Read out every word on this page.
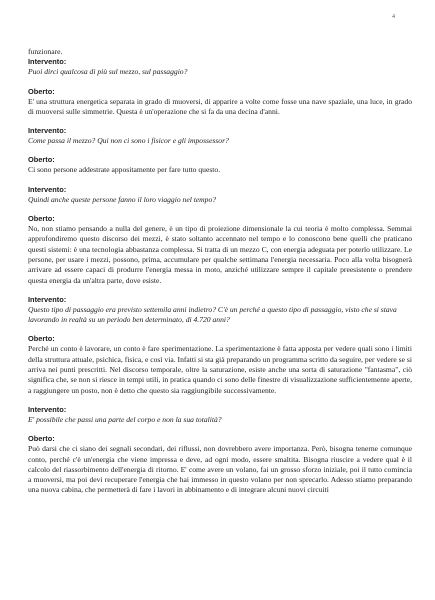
4

funzionare.

Intervento:

Puoi dirci qualcosa di più sul mezzo, sul passaggio?

Oberto:

E' una struttura energetica separata in grado di muoversi, di apparire a volte come fosse una nave spaziale, una luce, in grado di muoversi sulle simmetrie. Questa è un'operazione che si fa da una decina d'anni.

Intervento:

Come passa il mezzo? Qui non ci sono i fisicor e gli impossessor?

Oberto:

Ci sono persone addestrate appositamente per fare tutto questo.

Intervento:

Quindi anche queste persone fanno il loro viaggio nel tempo?

Oberto:

No, non stiamo pensando a nulla del genere, è un tipo di proiezione dimensionale la cui teoria è molto complessa. Semmai approfondiremo questo discorso dei mezzi, è stato soltanto accennato nel tempo e lo conoscono bene quelli che praticano questi sistemi: è una tecnologia abbastanza complessa. Si tratta di un mezzo C, con energia adeguata per poterlo utilizzare. Le persone, per usare i mezzi, possono, prima, accumulare per qualche settimana l'energia necessaria. Poco alla volta bisognerà arrivare ad essere capaci di produrre l'energia messa in moto, anziché utilizzare sempre il capitale preesistente o prendere questa energia da un'altra parte, dove esiste.

Intervento:

Questo tipo di passaggio era previsto settemila anni indietro? C'è un perché a questo tipo di passaggio, visto che si stava lavorando in realtà su un periodo ben determinato, di 4.720 anni?

Oberto:

Perché un conto è lavorare, un conto è fare sperimentazione. La sperimentazione è fatta apposta per vedere quali sono i limiti della struttura attuale, psichica, fisica, e così via. Infatti si sta già preparando un programma scritto da seguire, per vedere se si arriva nei punti prescritti. Nel discorso temporale, oltre la saturazione, esiste anche una sorta di saturazione "fantasma", ciò significa che, se non si riesce in tempi utili, in pratica quando ci sono delle finestre di visualizzazione sufficientemente aperte, a raggiungere un posto, non è detto che questo sia raggiungibile successivamente.

Intervento:

E' possibile che passi una parte del corpo e non la sua totalità?

Oberto:

Può darsi che ci siano dei segnali secondari, dei riflussi, non dovrebbero avere importanza. Però, bisogna tenerne comunque conto, perché c'è un'energia che viene impressa e deve, ad ogni modo, essere smaltita. Bisogna riuscire a vedere qual è il calcolo del riassorbimento dell'energia di ritorno. E' come avere un volano, fai un grosso sforzo iniziale, poi il tutto comincia a muoversi, ma poi devi recuperare l'energia che hai immesso in questo volano per non sprecarlo. Adesso stiamo preparando una nuova cabina, che permetterà di fare i lavori in abbinamento e di integrare alcuni nuovi circuiti
